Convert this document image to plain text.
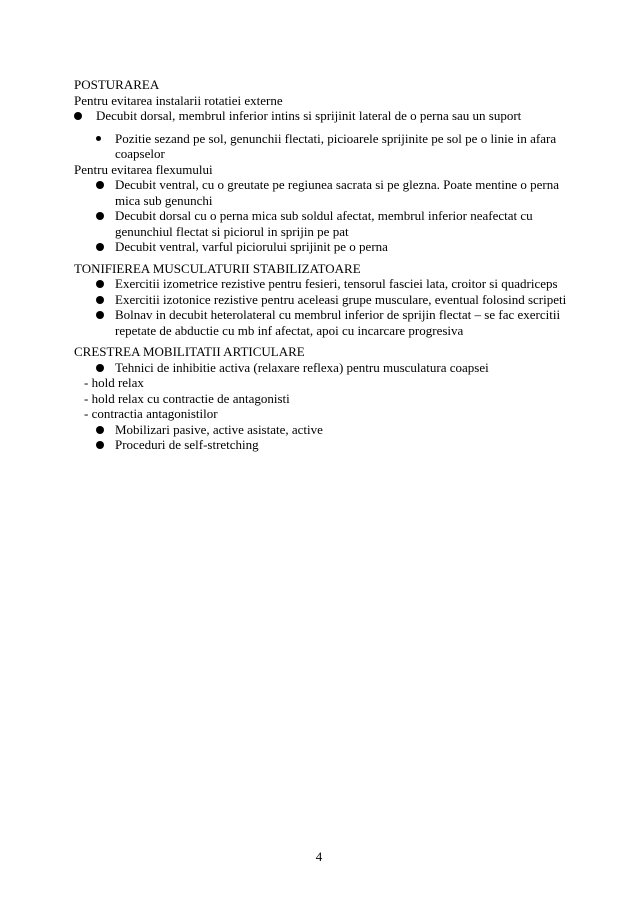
POSTURAREA
Pentru evitarea instalarii rotatiei externe
Decubit dorsal, membrul inferior intins si sprijinit lateral de o perna sau un suport
Pozitie sezand pe sol, genunchii flectati, picioarele sprijinite pe sol pe o linie in afara
coapselor
Pentru evitarea flexumului
Decubit ventral, cu o greutate pe regiunea sacrata si pe glezna. Poate mentine o perna
mica sub genunchi
Decubit dorsal cu o perna mica sub soldul afectat, membrul inferior neafectat cu
genunchiul flectat si piciorul in sprijin pe pat
Decubit ventral, varful piciorului sprijinit pe o perna
TONIFIEREA MUSCULATURII STABILIZATOARE
Exercitii izometrice rezistive pentru fesieri, tensorul fasciei lata, croitor si quadriceps
Exercitii izotonice rezistive pentru aceleasi grupe musculare, eventual folosind scripeti
Bolnav in decubit heterolateral cu membrul inferior de sprijin flectat – se fac exercitii
repetate de abductie cu mb inf afectat, apoi cu incarcare progresiva
CRESTREA MOBILITATII ARTICULARE
Tehnici de inhibitie activa (relaxare reflexa) pentru musculatura coapsei
- hold relax
- hold relax cu contractie de antagonisti
- contractia antagonistilor
Mobilizari pasive, active asistate, active
Proceduri de self-stretching
4
